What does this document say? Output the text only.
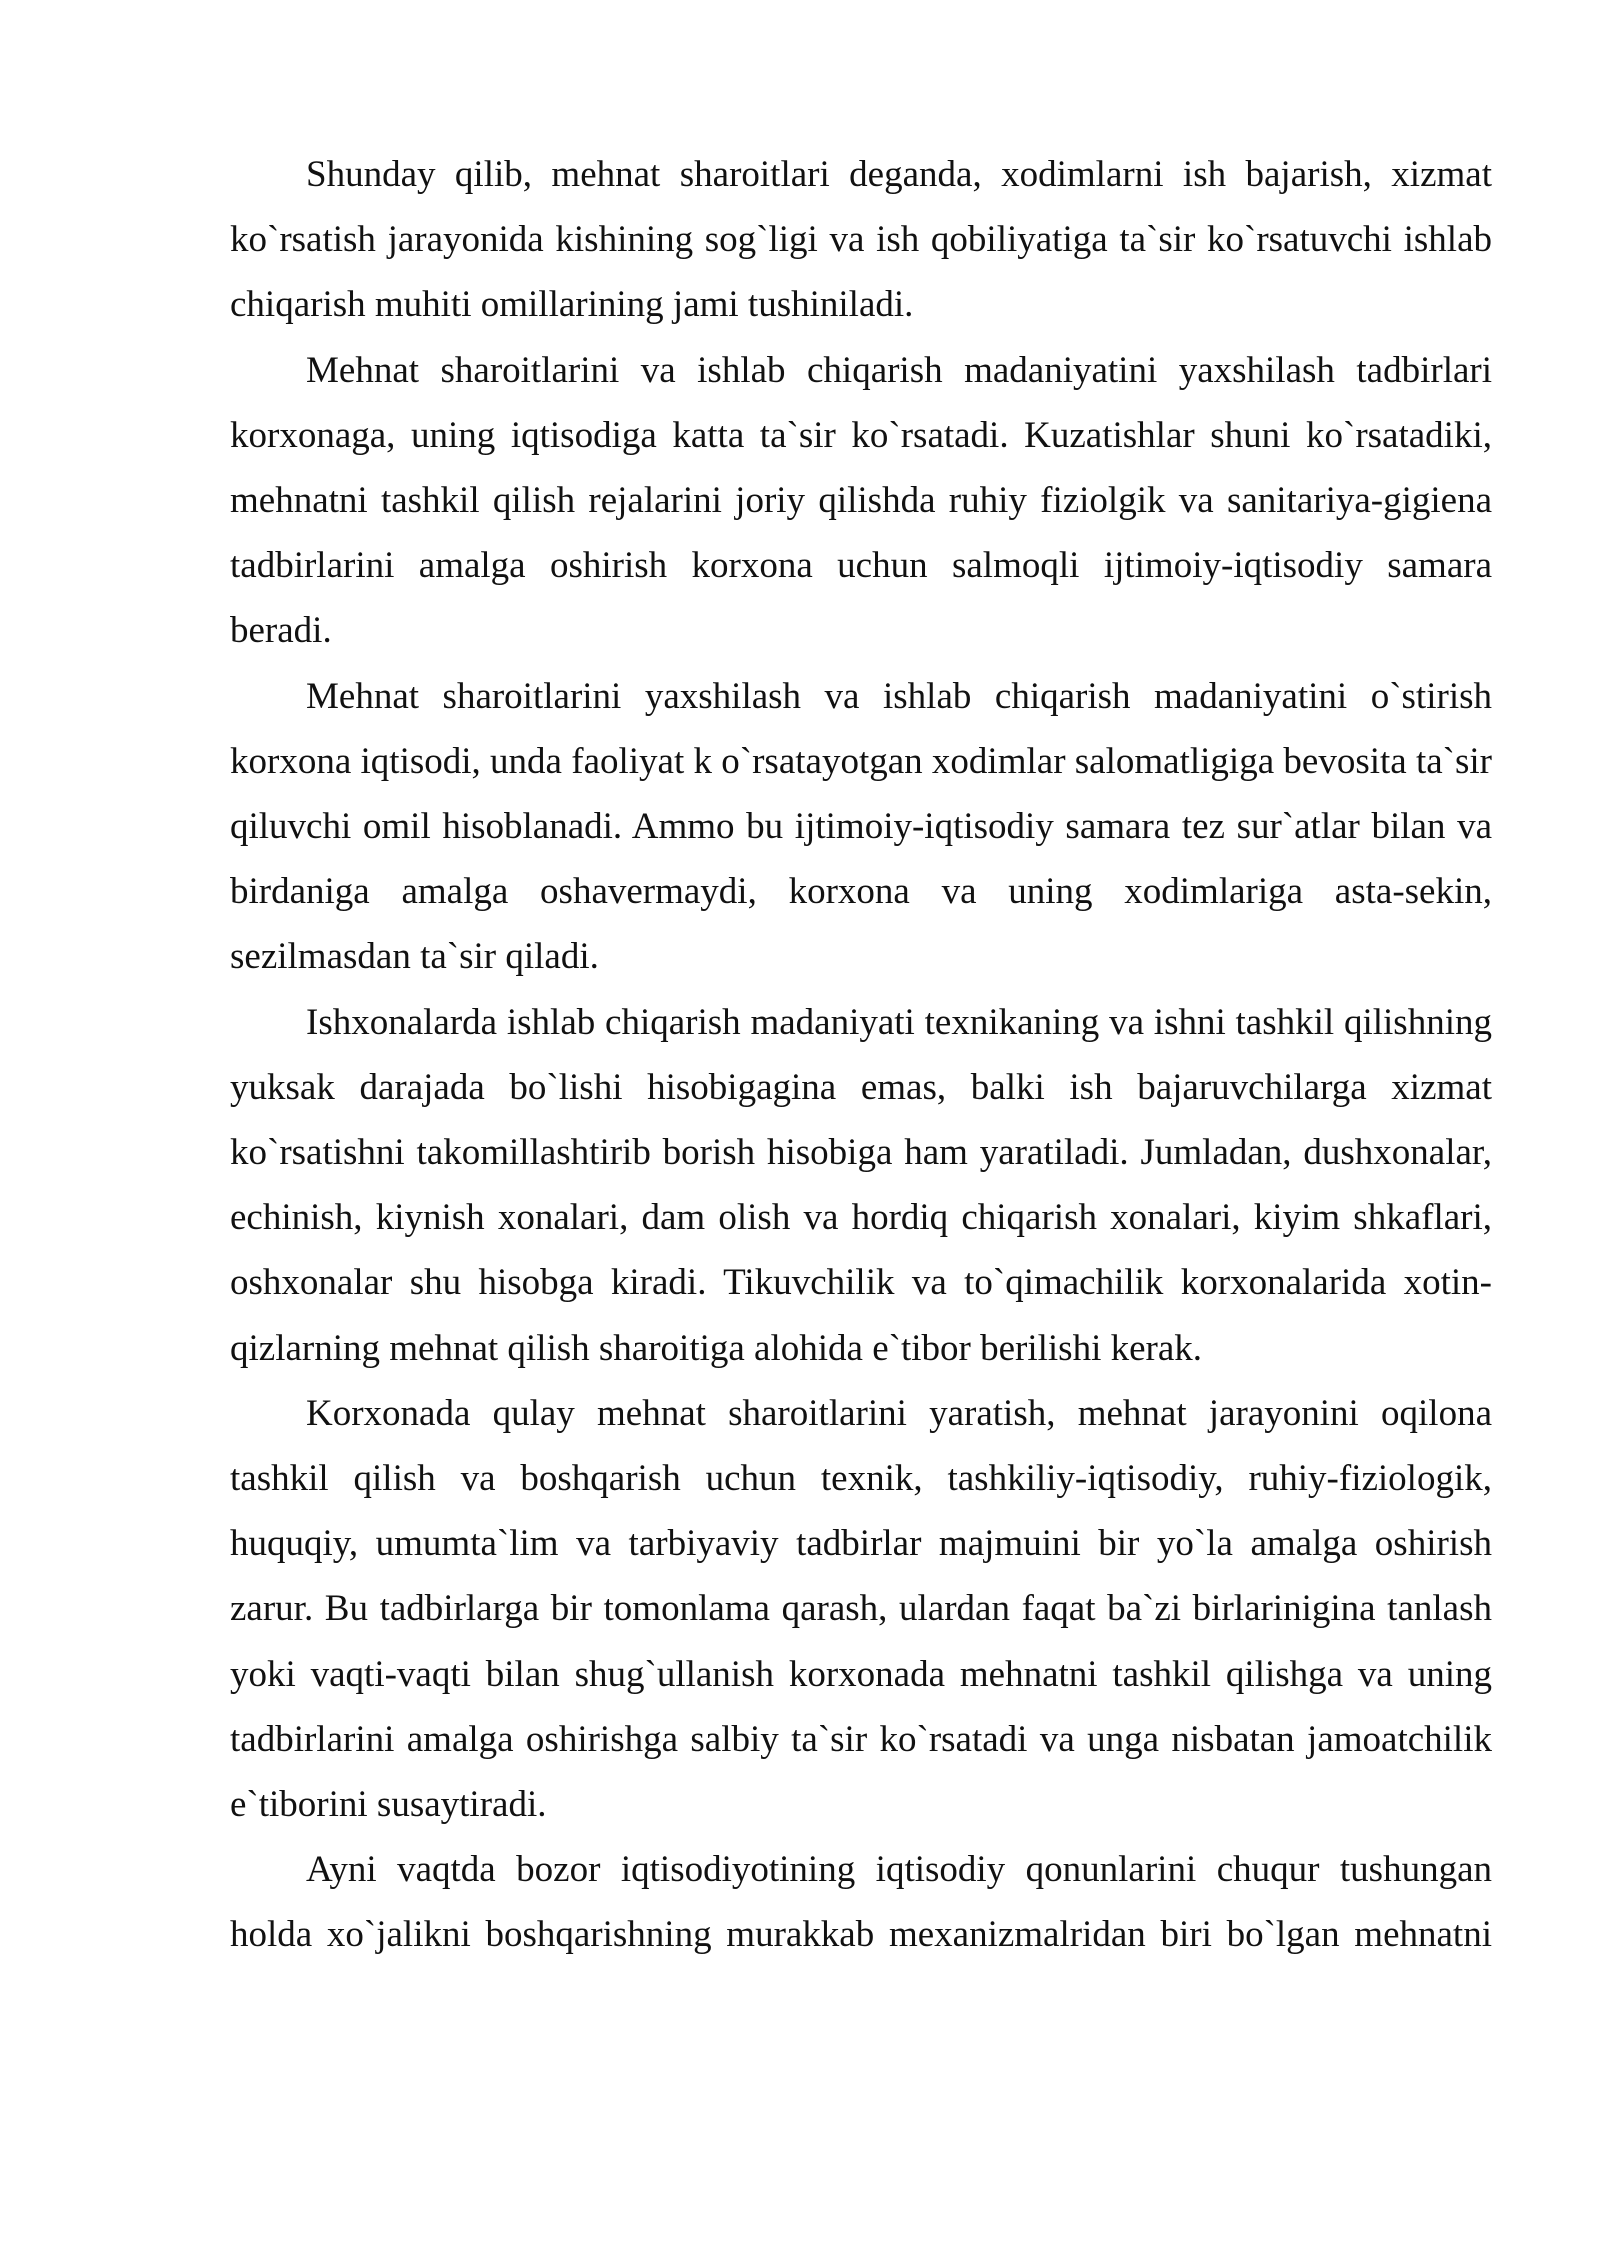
Shunday qilib, mehnat sharoitlari deganda, xodimlarni ish bajarish, xizmat ko`rsatish jarayonida kishining sog`ligi va ish qobiliyatiga ta`sir ko`rsatuvchi ishlab chiqarish muhiti omillarining jami tushiniladi.

Mehnat sharoitlarini va ishlab chiqarish madaniyatini yaxshilash tadbirlari korxonaga, uning iqtisodiga katta ta`sir ko`rsatadi. Kuzatishlar shuni ko`rsatadiki, mehnatni tashkil qilish rejalarini joriy qilishda ruhiy fiziolgik va sanitariya-gigiena tadbirlarini amalga oshirish korxona uchun salmoqli ijtimoiy-iqtisodiy samara beradi.

Mehnat sharoitlarini yaxshilash va ishlab chiqarish madaniyatini o`stirish korxona iqtisodi, unda faoliyat k o`rsatayotgan xodimlar salomatligiga bevosita ta`sir qiluvchi omil hisoblanadi. Ammo bu ijtimoiy-iqtisodiy samara tez sur`atlar bilan va birdaniga amalga oshavermaydi, korxona va uning xodimlariga asta-sekin, sezilmasdan ta`sir qiladi.

Ishxonalarda ishlab chiqarish madaniyati texnikaning va ishni tashkil qilishning yuksak darajada bo`lishi hisobigagina emas, balki ish bajaruvchilarga xizmat ko`rsatishni takomillashtirib borish hisobiga ham yaratiladi. Jumladan, dushxonalar, echinish, kiynish xonalari, dam olish va hordiq chiqarish xonalari, kiyim shkaflari, oshxonalar shu hisobga kiradi. Tikuvchilik va to`qimachilik korxonalarida xotin-qizlarning mehnat qilish sharoitiga alohida e`tibor berilishi kerak.

Korxonada qulay mehnat sharoitlarini yaratish, mehnat jarayonini oqilona tashkil qilish va boshqarish uchun texnik, tashkiliy-iqtisodiy, ruhiy-fiziologik, huquqiy, umumta`lim va tarbiyaviy tadbirlar majmuini bir yo`la amalga oshirish zarur. Bu tadbirlarga bir tomonlama qarash, ulardan faqat ba`zi birlarinigina tanlash yoki vaqti-vaqti bilan shug`ullanish korxonada mehnatni tashkil qilishga va uning tadbirlarini amalga oshirishga salbiy ta`sir ko`rsatadi va unga nisbatan jamoatchilik e`tiborini susaytiradi.

Ayni vaqtda bozor iqtisodiyotining iqtisodiy qonunlarini chuqur tushungan holda xo`jalikni boshqarishning murakkab mexanizmalridan biri bo`lgan mehnatni
